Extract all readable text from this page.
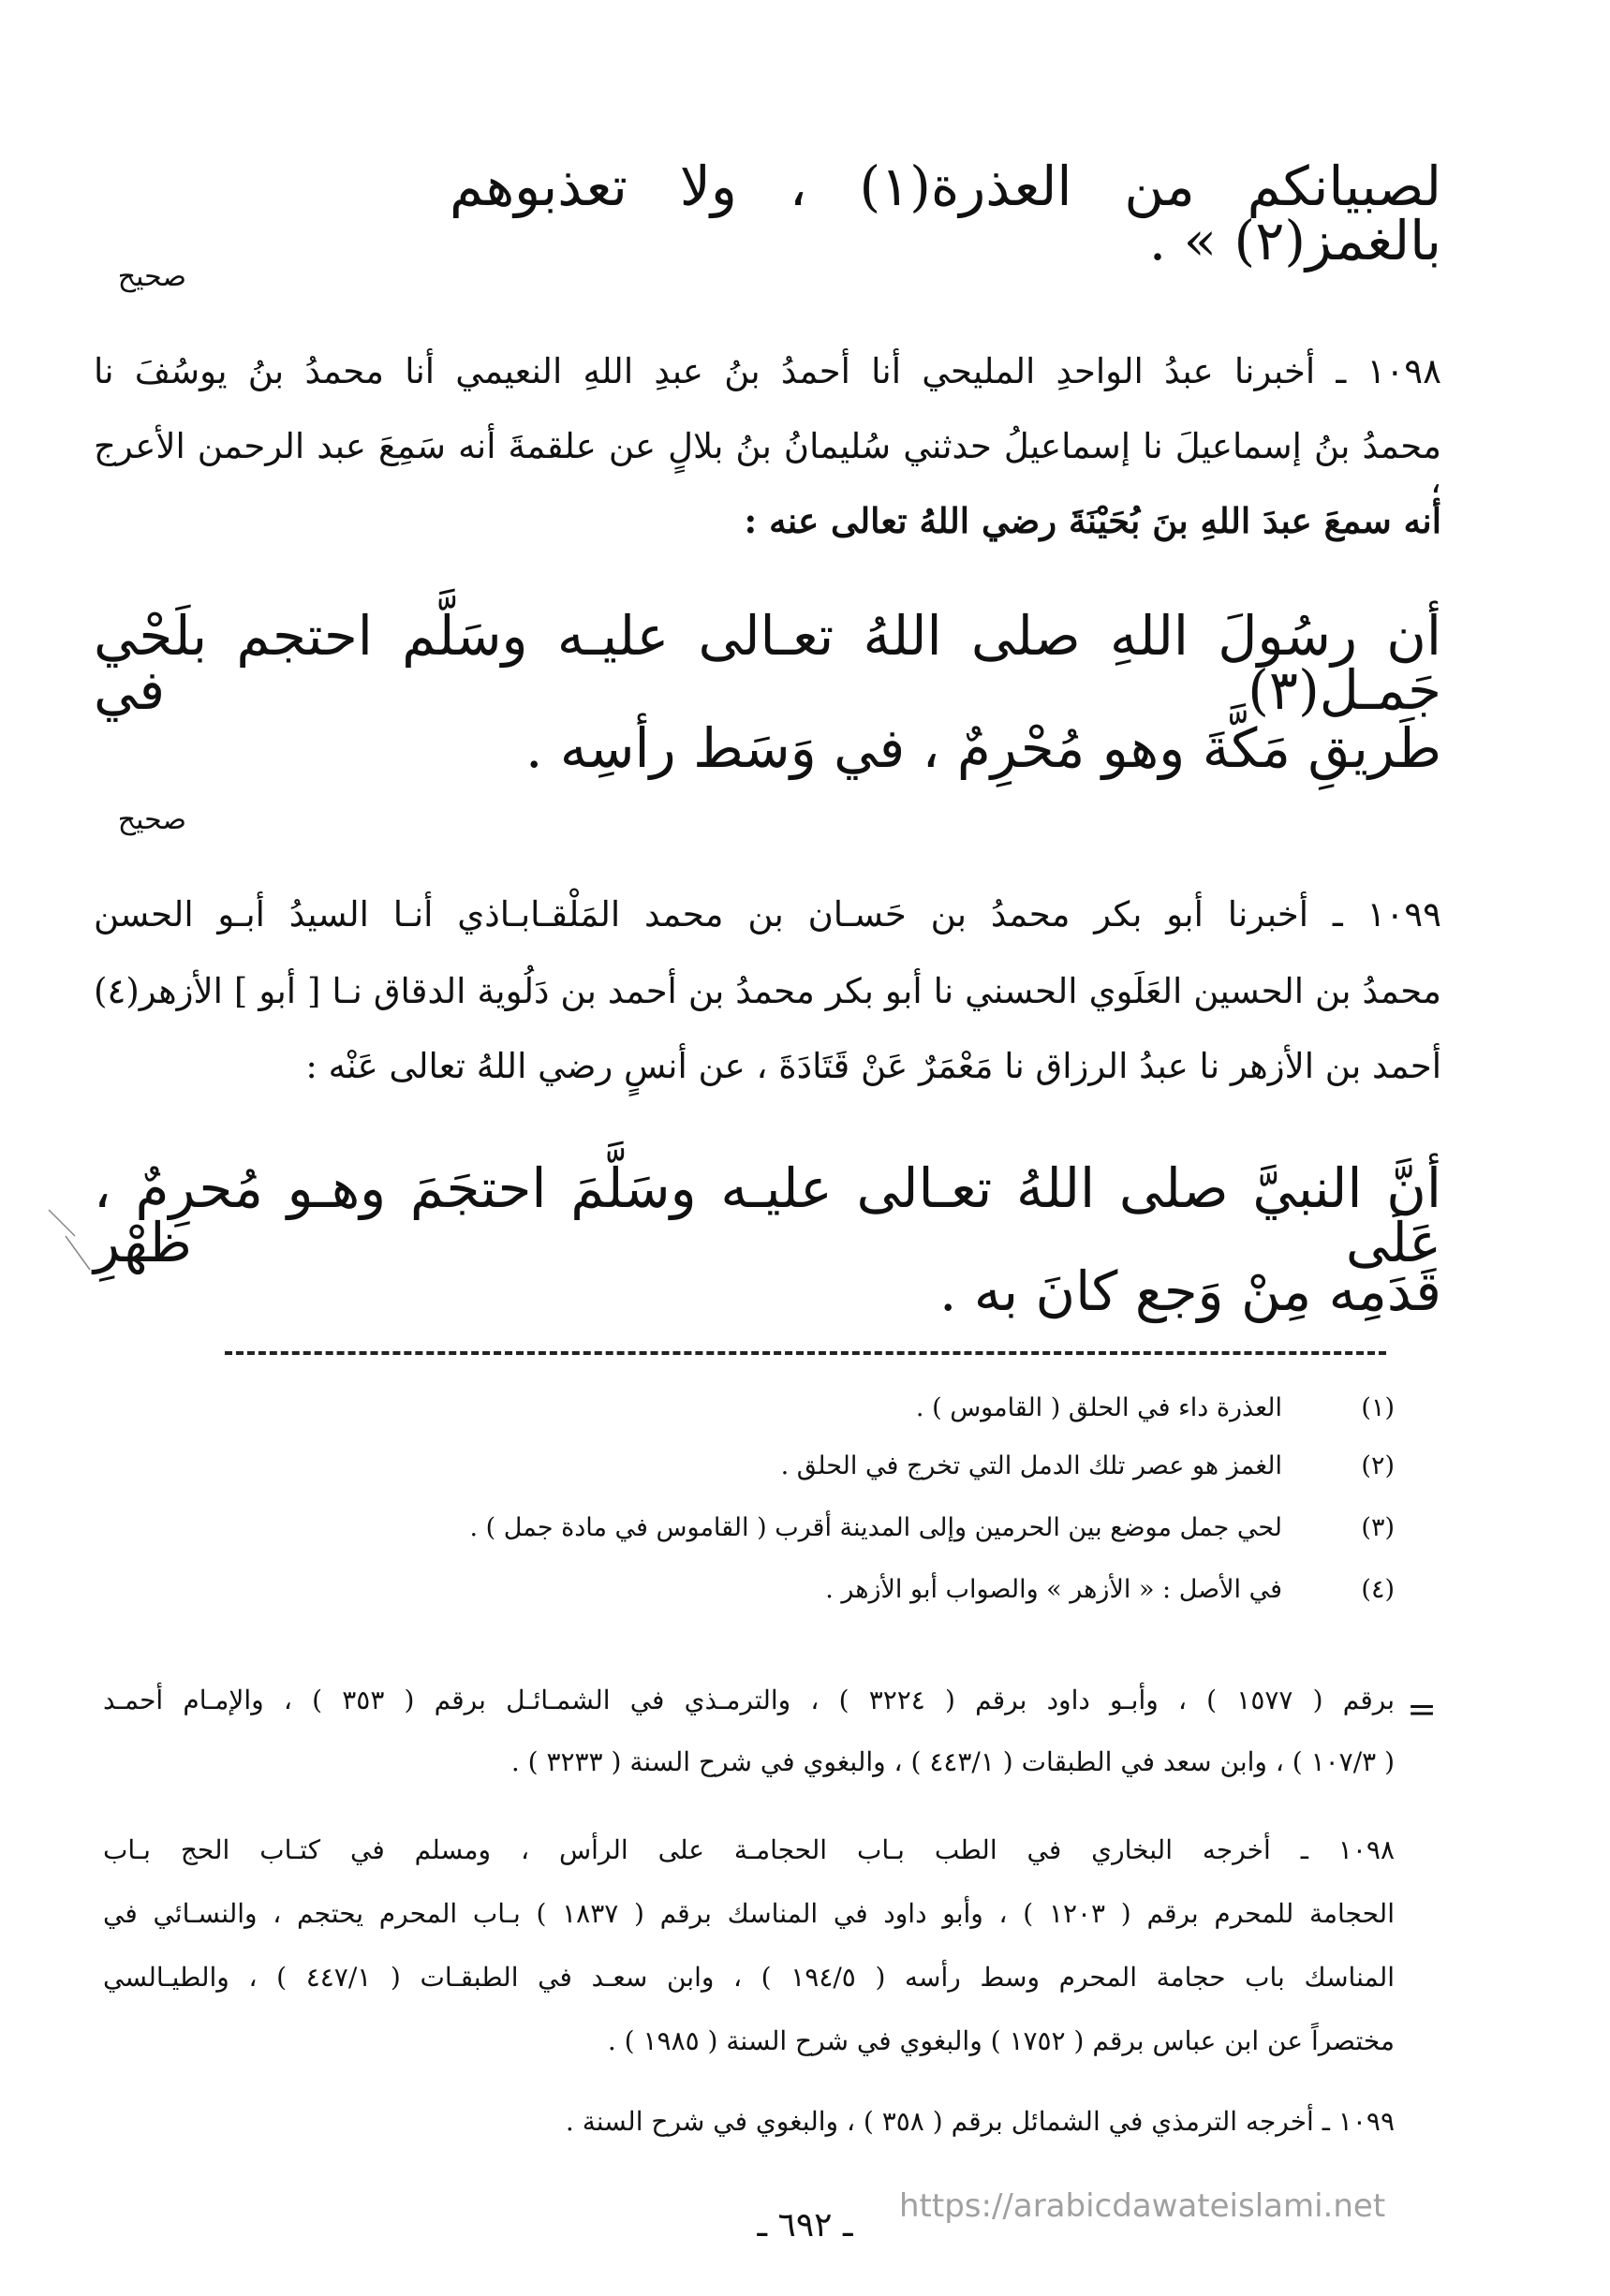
لصبيانكم من العذرة(١) ، ولا تعذبوهم بالغمز(٢) » .
صحيح
١٠٩٨ ـ أخبرنا عبدُ الواحدِ المليحي أنا أحمدُ بنُ عبدِ اللهِ النعيمي أنا محمدُ بنُ يوسُفَ نا
محمدُ بنُ إسماعيلَ نا إسماعيلُ حدثني سُليمانُ بنُ بلالٍ عن علقمةَ أنه سَمِعَ عبد الرحمن الأعرج ،
أنه سمعَ عبدَ اللهِ بنَ بُحَيْنَةَ رضي اللهُ تعالى عنه :
أن رسُولَ اللهِ صلى اللهُ تعـالى عليـه وسَلَّم احتجم بلَحْي جَمـل(٣) في
طَريقِ مَكَّةَ وهو مُحْرِمٌ ، في وَسَط رأسِه .
صحيح
١٠٩٩ ـ أخبرنا أبو بكر محمدُ بن حَسـان بن محمد المَلْقـابـاذي أنـا السيدُ أبـو الحسن
محمدُ بن الحسين العَلَوي الحسني نا أبو بكر محمدُ بن أحمد بن دَلُوية الدقاق نـا [ أبو ] الأزهر(٤)
أحمد بن الأزهر نا عبدُ الرزاق نا مَعْمَرٌ عَنْ قَتَادَةَ ، عن أنسٍ رضي اللهُ تعالى عَنْه :
أنَّ النبيَّ صلى اللهُ تعـالى عليـه وسَلَّمَ احتجَمَ وهـو مُحرِمٌ ، عَلَى ظهْرِ
قَدَمِه مِنْ وَجع كانَ به .
(١)
العذرة داء في الحلق ( القاموس ) .
(٢)
الغمز هو عصر تلك الدمل التي تخرج في الحلق .
(٣)
لحي جمل موضع بين الحرمين وإلى المدينة أقرب ( القاموس في مادة جمل ) .
(٤)
في الأصل : « الأزهر » والصواب أبو الأزهر .
=
برقم ( ١٥٧٧ ) ، وأبـو داود برقم ( ٣٢٢٤ ) ، والترمـذي في الشمـائـل برقم ( ٣٥٣ ) ، والإمـام أحمـد
( ١٠٧/٣ ) ، وابن سعد في الطبقات ( ٤٤٣/١ ) ، والبغوي في شرح السنة ( ٣٢٣٣ ) .
١٠٩٨ ـ أخرجه البخاري في الطب بـاب الحجامـة على الرأس ، ومسلم في كتـاب الحج بـاب
الحجامة للمحرم برقم ( ١٢٠٣ ) ، وأبو داود في المناسك برقم ( ١٨٣٧ ) بـاب المحرم يحتجم ، والنسـائي في
المناسك باب حجامة المحرم وسط رأسه ( ١٩٤/٥ ) ، وابن سعـد في الطبقـات ( ٤٤٧/١ ) ، والطيـالسي
مختصراً عن ابن عباس برقم ( ١٧٥٢ ) والبغوي في شرح السنة ( ١٩٨٥ ) .
١٠٩٩ ـ أخرجه الترمذي في الشمائل برقم ( ٣٥٨ ) ، والبغوي في شرح السنة .
ـ ٦٩٢ ـ	https://arabicdawateislami.net
